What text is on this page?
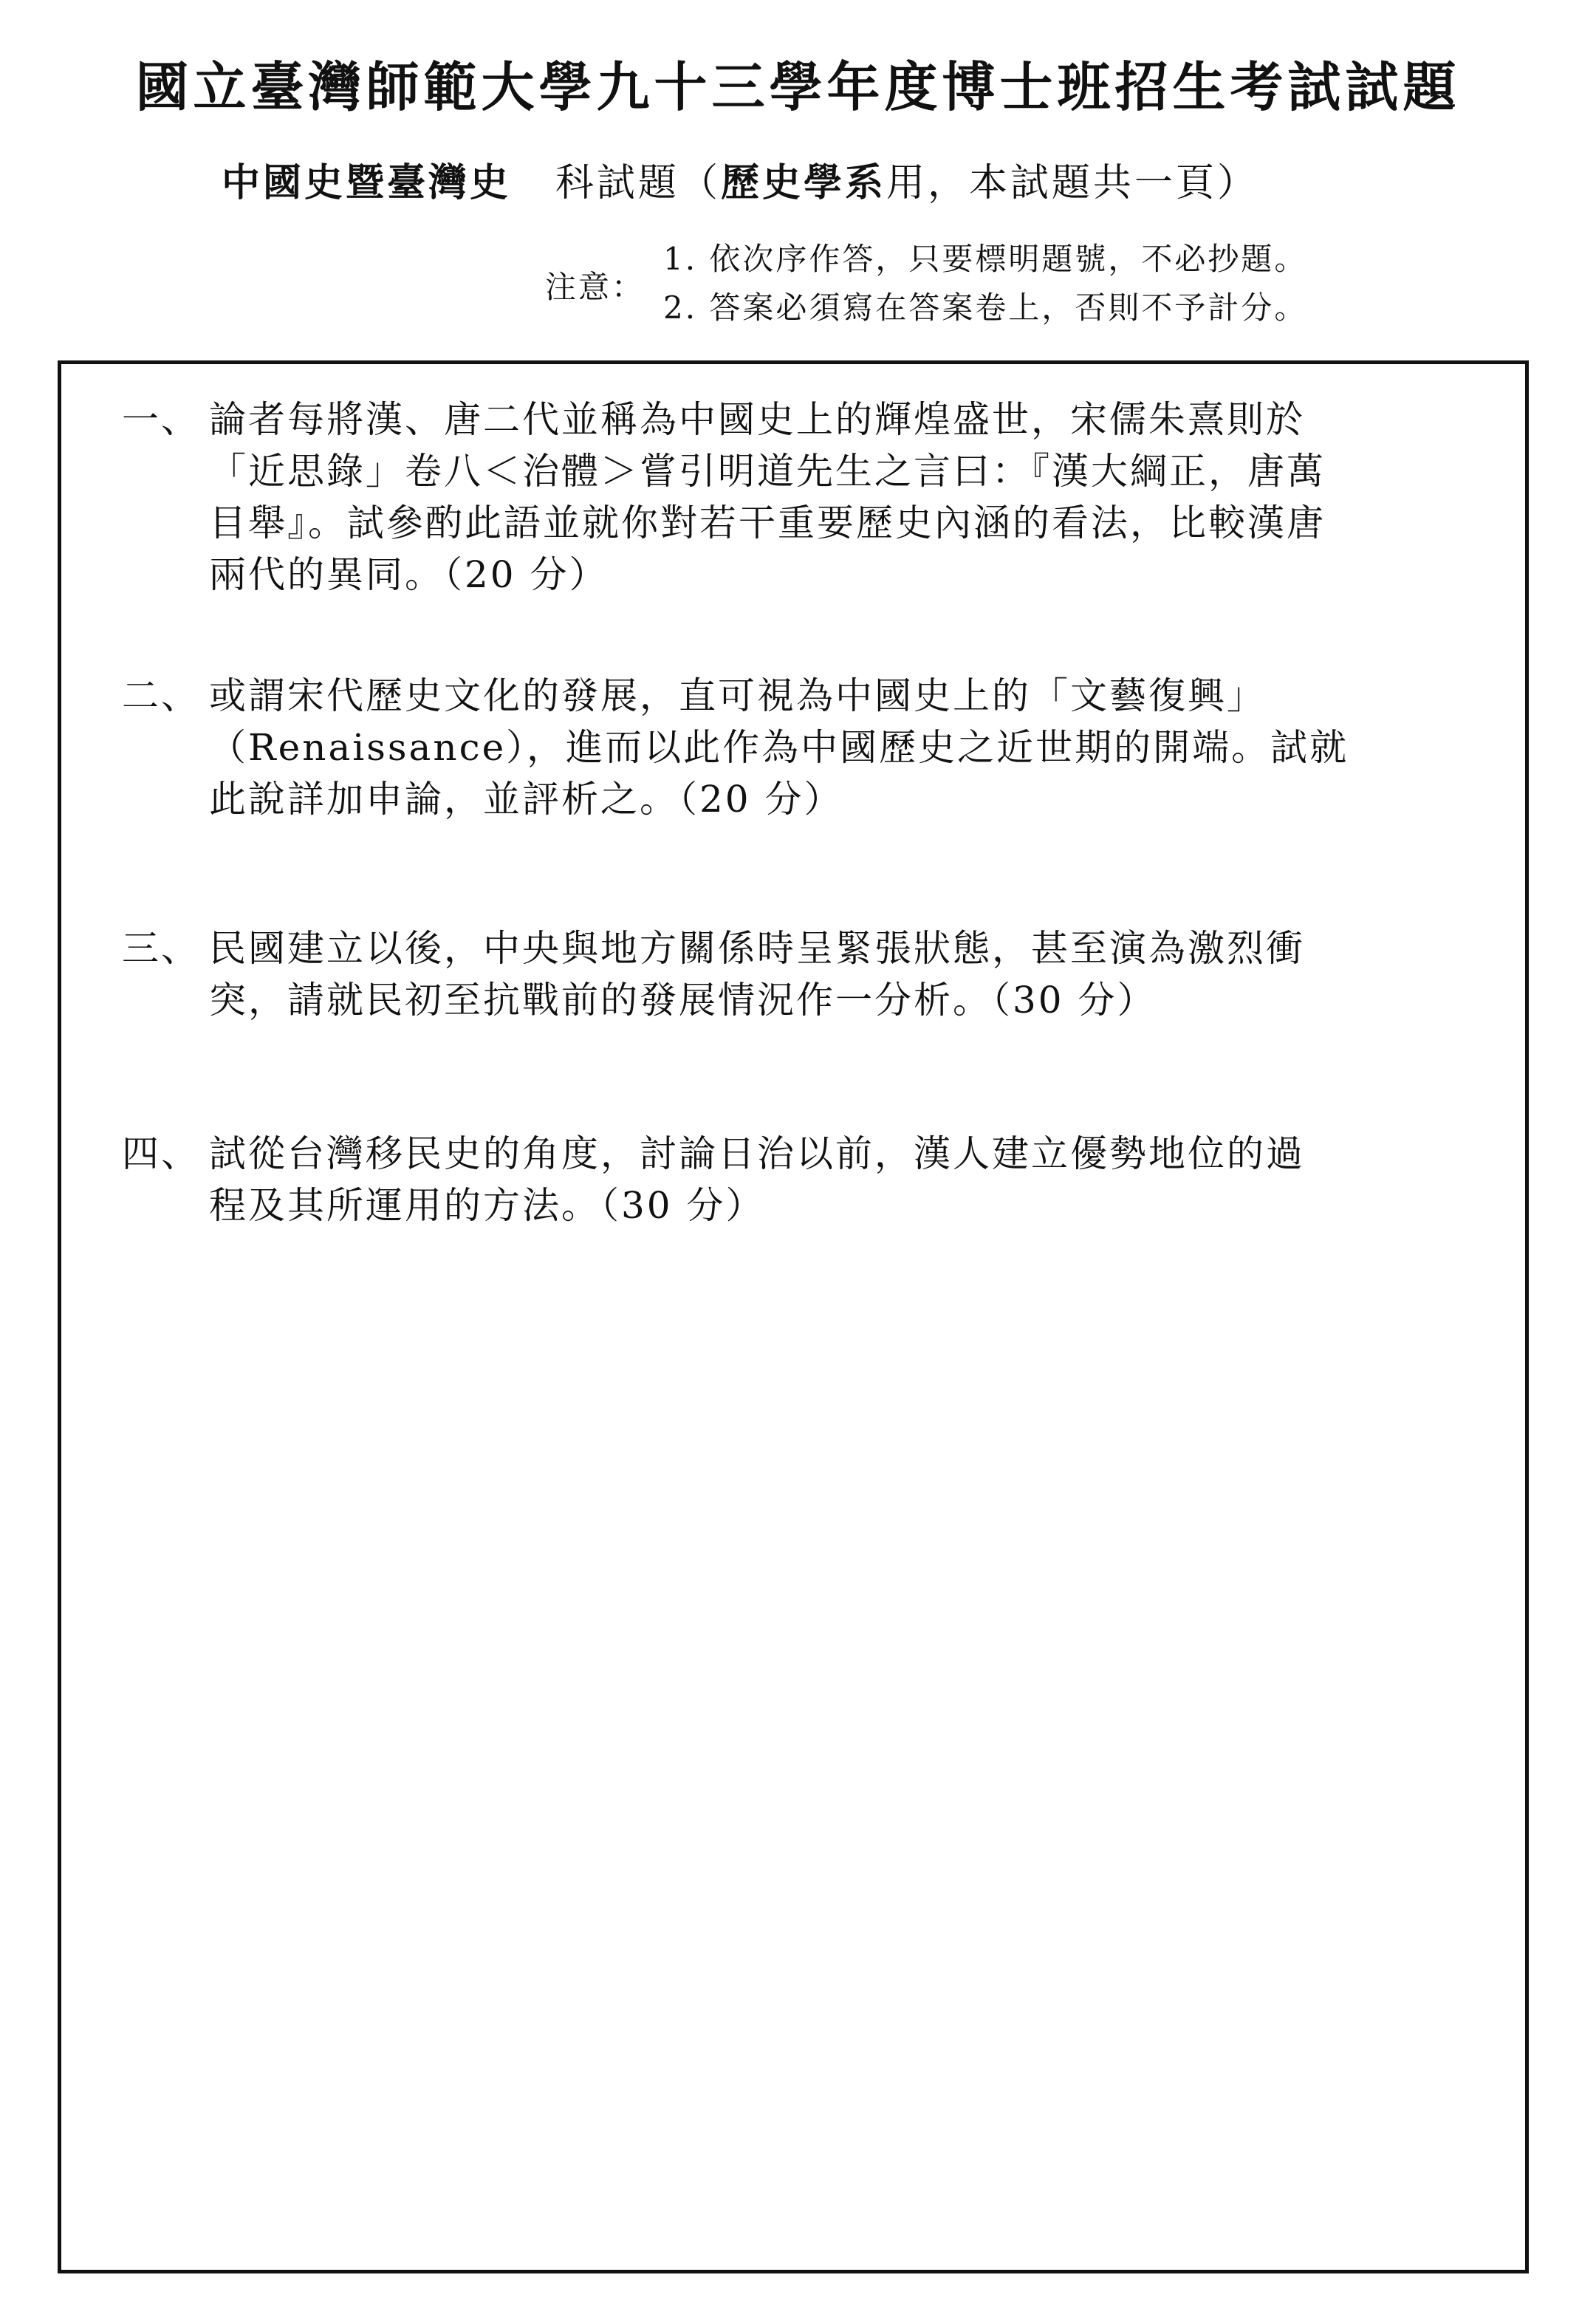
國立臺灣師範大學九十三學年度博士班招生考試試題
中國史暨臺灣史 科試題（歷史學系用，本試題共一頁）
注意：
1. 依次序作答，只要標明題號，不必抄題。
2. 答案必須寫在答案卷上，否則不予計分。
一、 論者每將漢、唐二代並稱為中國史上的輝煌盛世，宋儒朱熹則於
「近思錄」卷八＜治體＞嘗引明道先生之言曰：『漢大綱正，唐萬
目舉』。試參酌此語並就你對若干重要歷史內涵的看法，比較漢唐
兩代的異同。（20 分）
二、 或謂宋代歷史文化的發展，直可視為中國史上的「文藝復興」
（Renaissance），進而以此作為中國歷史之近世期的開端。試就
此說詳加申論，並評析之。（20 分）
三、 民國建立以後，中央與地方關係時呈緊張狀態，甚至演為激烈衝
突，請就民初至抗戰前的發展情況作一分析。（30 分）
四、 試從台灣移民史的角度，討論日治以前，漢人建立優勢地位的過
程及其所運用的方法。（30 分）
